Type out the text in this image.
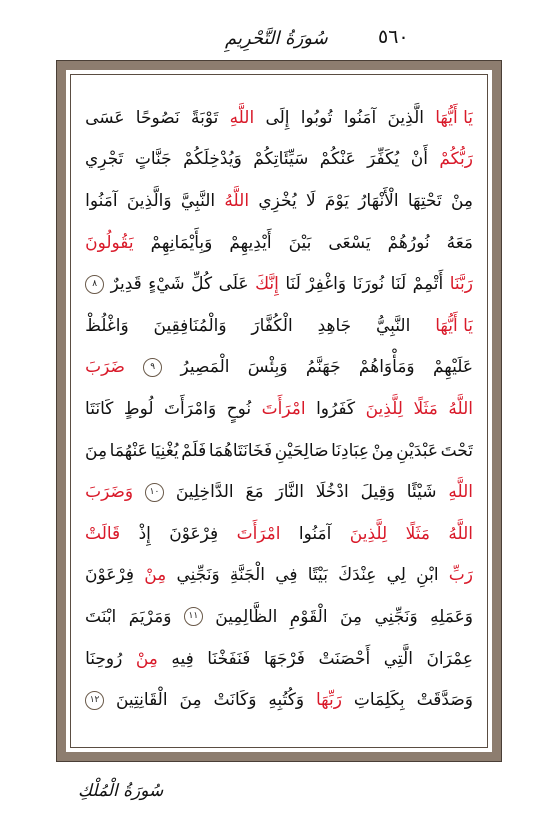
٥٦٠
سُورَةُ التَّحْرِيمِ
يَا أَيُّهَا
الَّذِينَ
آمَنُوا
تُوبُوا
إِلَى
اللَّهِ
تَوْبَةً
نَصُوحًا
عَسَى
رَبُّكُمْ
أَنْ
يُكَفِّرَ
عَنْكُمْ
سَيِّئَاتِكُمْ
وَيُدْخِلَكُمْ
جَنَّاتٍ
تَجْرِي
مِنْ
تَحْتِهَا
الْأَنْهَارُ
يَوْمَ
لَا
يُخْزِي
اللَّهُ
النَّبِيَّ
وَالَّذِينَ
آمَنُوا
مَعَهُ
نُورُهُمْ
يَسْعَى
بَيْنَ
أَيْدِيهِمْ
وَبِأَيْمَانِهِمْ
يَقُولُونَ
رَبَّنَا
أَتْمِمْ
لَنَا
نُورَنَا
وَاغْفِرْ لَنَا
إِنَّكَ
عَلَى
كُلِّ
شَيْءٍ
قَدِيرٌ
٨
يَا أَيُّهَا
النَّبِيُّ
جَاهِدِ
الْكُفَّارَ
وَالْمُنَافِقِينَ
وَاغْلُظْ
عَلَيْهِمْ
وَمَأْوَاهُمْ
جَهَنَّمُ
وَبِئْسَ
الْمَصِيرُ
٩
ضَرَبَ
اللَّهُ
مَثَلًا
لِلَّذِينَ
كَفَرُوا
امْرَأَتَ
نُوحٍ
وَامْرَأَتَ
لُوطٍ
كَانَتَا
تَحْتَ
عَبْدَيْنِ
مِنْ
عِبَادِنَا
صَالِحَيْنِ
فَخَانَتَاهُمَا
فَلَمْ
يُغْنِيَا
عَنْهُمَا
مِنَ
اللَّهِ
شَيْئًا
وَقِيلَ
ادْخُلَا
النَّارَ
مَعَ
الدَّاخِلِينَ
١٠
وَضَرَبَ
اللَّهُ
مَثَلًا
لِلَّذِينَ
آمَنُوا
امْرَأَتَ
فِرْعَوْنَ
إِذْ
قَالَتْ
رَبِّ
ابْنِ
لِي
عِنْدَكَ
بَيْتًا
فِي
الْجَنَّةِ
وَنَجِّنِي
مِنْ
فِرْعَوْنَ
وَعَمَلِهِ
وَنَجِّنِي
مِنَ
الْقَوْمِ
الظَّالِمِينَ
١١
وَمَرْيَمَ
ابْنَتَ
عِمْرَانَ
الَّتِي
أَحْصَنَتْ
فَرْجَهَا
فَنَفَخْنَا
فِيهِ
مِنْ
رُوحِنَا
وَصَدَّقَتْ
بِكَلِمَاتِ
رَبِّهَا
وَكُتُبِهِ
وَكَانَتْ
مِنَ
الْقَانِتِينَ
١٢
سُورَةُ الْمُلْكِ
